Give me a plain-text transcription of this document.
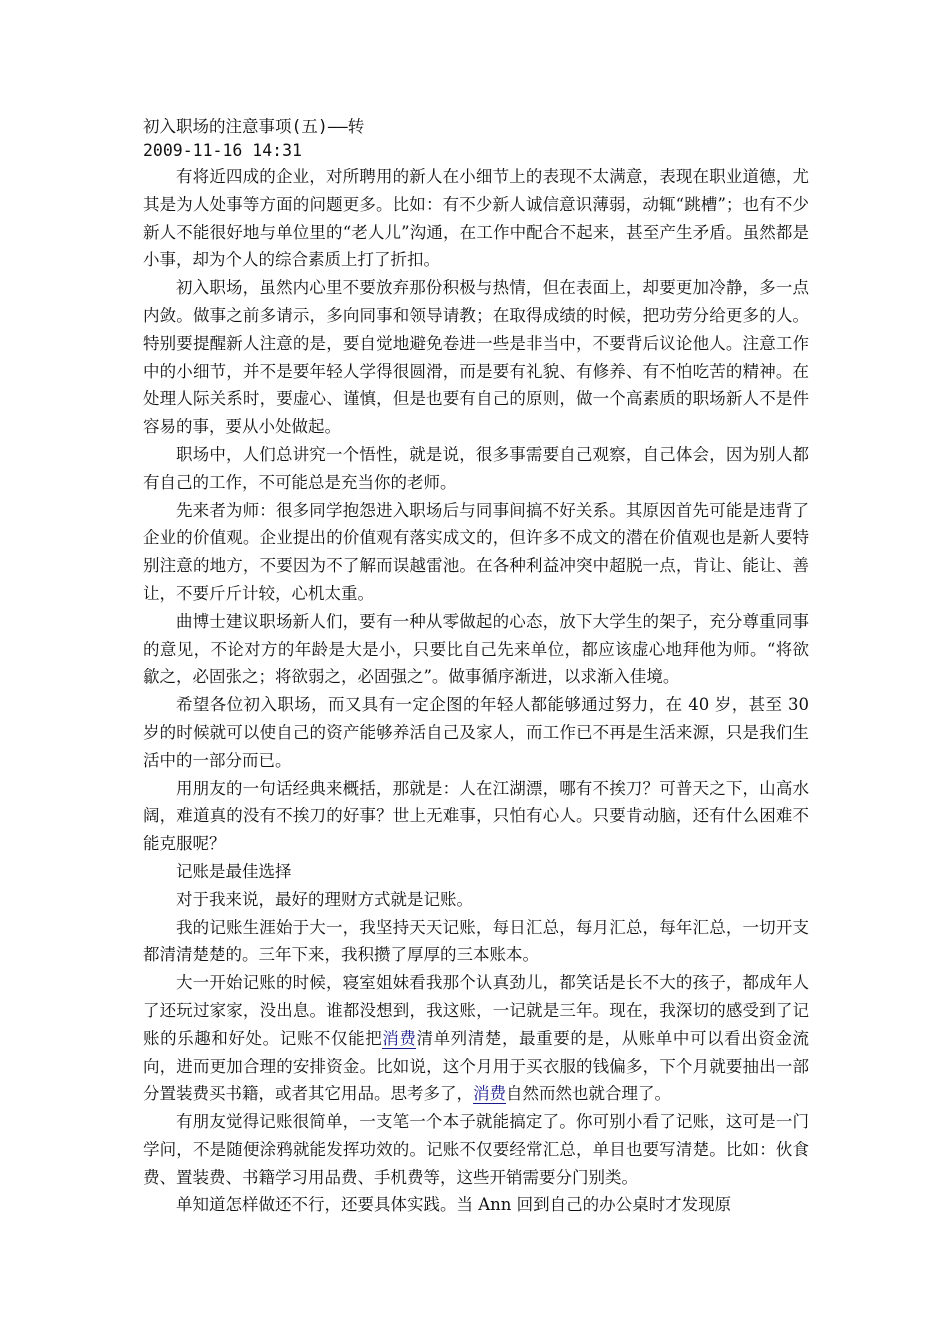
初入职场的注意事项(五)——转

2009-11-16 14:31

有将近四成的企业，对所聘用的新人在小细节上的表现不太满意，表现在职业道德，尤其是为人处事等方面的问题更多。比如：有不少新人诚信意识薄弱，动辄“跳槽”；也有不少新人不能很好地与单位里的“老人儿”沟通，在工作中配合不起来，甚至产生矛盾。虽然都是小事，却为个人的综合素质上打了折扣。

初入职场，虽然内心里不要放弃那份积极与热情，但在表面上，却要更加冷静，多一点内敛。做事之前多请示，多向同事和领导请教；在取得成绩的时候，把功劳分给更多的人。特别要提醒新人注意的是，要自觉地避免卷进一些是非当中，不要背后议论他人。注意工作中的小细节，并不是要年轻人学得很圆滑，而是要有礼貌、有修养、有不怕吃苦的精神。在处理人际关系时，要虚心、谨慎，但是也要有自己的原则，做一个高素质的职场新人不是件容易的事，要从小处做起。

职场中，人们总讲究一个悟性，就是说，很多事需要自己观察，自己体会，因为别人都有自己的工作，不可能总是充当你的老师。

先来者为师：很多同学抱怨进入职场后与同事间搞不好关系。其原因首先可能是违背了企业的价值观。企业提出的价值观有落实成文的，但许多不成文的潜在价值观也是新人要特别注意的地方，不要因为不了解而误越雷池。在各种利益冲突中超脱一点，肯让、能让、善让，不要斤斤计较，心机太重。

曲博士建议职场新人们，要有一种从零做起的心态，放下大学生的架子，充分尊重同事的意见，不论对方的年龄是大是小，只要比自己先来单位，都应该虚心地拜他为师。“将欲歙之，必固张之；将欲弱之，必固强之”。做事循序渐进，以求渐入佳境。

希望各位初入职场，而又具有一定企图的年轻人都能够通过努力，在 40 岁，甚至 30 岁的时候就可以使自己的资产能够养活自己及家人，而工作已不再是生活来源，只是我们生活中的一部分而已。

用朋友的一句话经典来概括，那就是：人在江湖漂，哪有不挨刀？可普天之下，山高水阔，难道真的没有不挨刀的好事？世上无难事，只怕有心人。只要肯动脑，还有什么困难不能克服呢？

记账是最佳选择

对于我来说，最好的理财方式就是记账。

我的记账生涯始于大一，我坚持天天记账，每日汇总，每月汇总，每年汇总，一切开支都清清楚楚的。三年下来，我积攒了厚厚的三本账本。

大一开始记账的时候，寝室姐妹看我那个认真劲儿，都笑话是长不大的孩子，都成年人了还玩过家家，没出息。谁都没想到，我这账，一记就是三年。现在，我深切的感受到了记账的乐趣和好处。记账不仅能把消费清单列清楚，最重要的是，从账单中可以看出资金流向，进而更加合理的安排资金。比如说，这个月用于买衣服的钱偏多，下个月就要抽出一部分置装费买书籍，或者其它用品。思考多了，消费自然而然也就合理了。

有朋友觉得记账很简单，一支笔一个本子就能搞定了。你可别小看了记账，这可是一门学问，不是随便涂鸦就能发挥功效的。记账不仅要经常汇总，单目也要写清楚。比如：伙食费、置装费、书籍学习用品费、手机费等，这些开销需要分门别类。

单知道怎样做还不行，还要具体实践。当 Ann 回到自己的办公桌时才发现原
